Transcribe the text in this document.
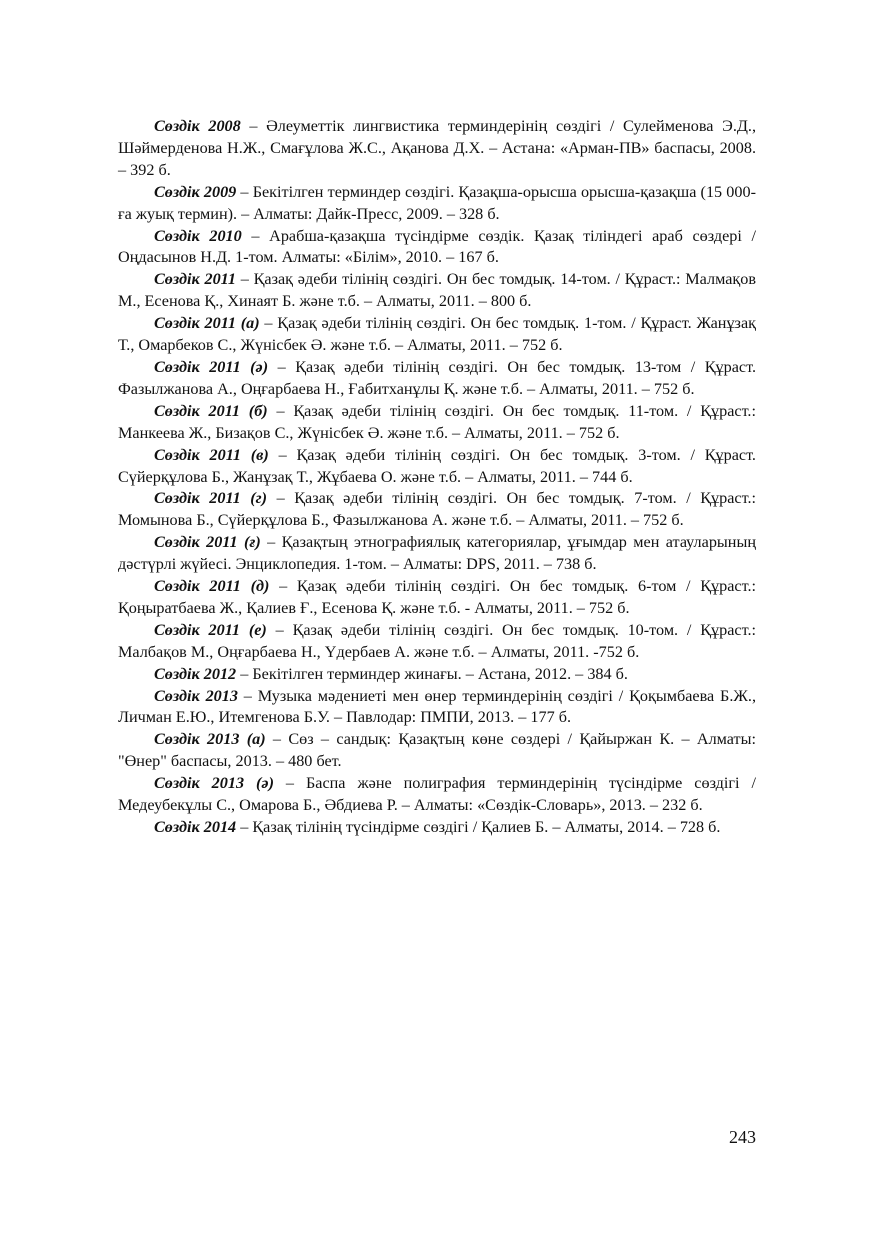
Сөздік 2008 – Әлеуметтік лингвистика терминдерінің сөздігі / Сулейменова Э.Д., Шәймерденова Н.Ж., Смағұлова Ж.С., Ақанова Д.Х. – Астана: «Арман-ПВ» баспасы, 2008. – 392 б.

Сөздік 2009 – Бекітілген терминдер сөздігі. Қазақша-орысша орысша-қазақша (15 000-ға жуық термин). – Алматы: Дайк-Пресс, 2009. – 328 б.

Сөздік 2010 – Арабша-қазақша түсіндірме сөздік. Қазақ тіліндегі араб сөздері / Оңдасынов Н.Д. 1-том. Алматы: «Білім», 2010. – 167 б.

Сөздік 2011 – Қазақ әдеби тілінің сөздігі. Он бес томдық. 14-том. / Құраст.: Малмақов М., Есенова Қ., Хинаят Б. және т.б. – Алматы, 2011. – 800 б.

Сөздік 2011 (а) – Қазақ әдеби тілінің сөздігі. Он бес томдық. 1-том. / Құраст. Жанұзақ Т., Омарбеков С., Жүнісбек Ә. және т.б. – Алматы, 2011. – 752 б.

Сөздік 2011 (ә) – Қазақ әдеби тілінің сөздігі. Он бес томдық. 13-том / Құраст. Фазылжанова А., Оңғарбаева Н., Ғабитханұлы Қ. және т.б. – Алматы, 2011. – 752 б.

Сөздік 2011 (б) – Қазақ әдеби тілінің сөздігі. Он бес томдық. 11-том. / Құраст.: Манкеева Ж., Бизақов С., Жүнісбек Ә. және т.б. – Алматы, 2011. – 752 б.

Сөздік 2011 (в) – Қазақ әдеби тілінің сөздігі. Он бес томдық. 3-том. / Құраст. Сүйерқұлова Б., Жанұзақ Т., Жұбаева О. және т.б. – Алматы, 2011. – 744 б.

Сөздік 2011 (г) – Қазақ әдеби тілінің сөздігі. Он бес томдық. 7-том. / Құраст.: Момынова Б., Сүйерқұлова Б., Фазылжанова А. және т.б. – Алматы, 2011. – 752 б.

Сөздік 2011 (ғ) – Қазақтың этнографиялық категориялар, ұғымдар мен атауларының дәстүрлі жүйесі. Энциклопедия. 1-том. – Алматы: DPS, 2011. – 738 б.

Сөздік 2011 (д) – Қазақ әдеби тілінің сөздігі. Он бес томдық. 6-том / Құраст.: Қоңыратбаева Ж., Қалиев Ғ., Есенова Қ. және т.б. - Алматы, 2011. – 752 б.

Сөздік 2011 (е) – Қазақ әдеби тілінің сөздігі. Он бес томдық. 10-том. / Құраст.: Малбақов М., Оңғарбаева Н., Үдербаев А. және т.б. – Алматы, 2011. -752 б.

Сөздік 2012 – Бекітілген терминдер жинағы. – Астана, 2012. – 384 б.

Сөздік 2013 – Музыка мәдениеті мен өнер терминдерінің сөздігі / Қоқымбаева Б.Ж., Личман Е.Ю., Итемгенова Б.У. – Павлодар: ПМПИ, 2013. – 177 б.

Сөздік 2013 (а) – Сөз – сандық: Қазақтың көне сөздері / Қайыржан К. – Алматы: "Өнер" баспасы, 2013. – 480 бет.

Сөздік 2013 (ә) – Баспа және полиграфия терминдерінің түсіндірме сөздігі / Медеубекұлы С., Омарова Б., Әбдиева Р. – Алматы: «Сөздік-Словарь», 2013. – 232 б.

Сөздік 2014 – Қазақ тілінің түсіндірме сөздігі / Қалиев Б. – Алматы, 2014. – 728 б.

243
